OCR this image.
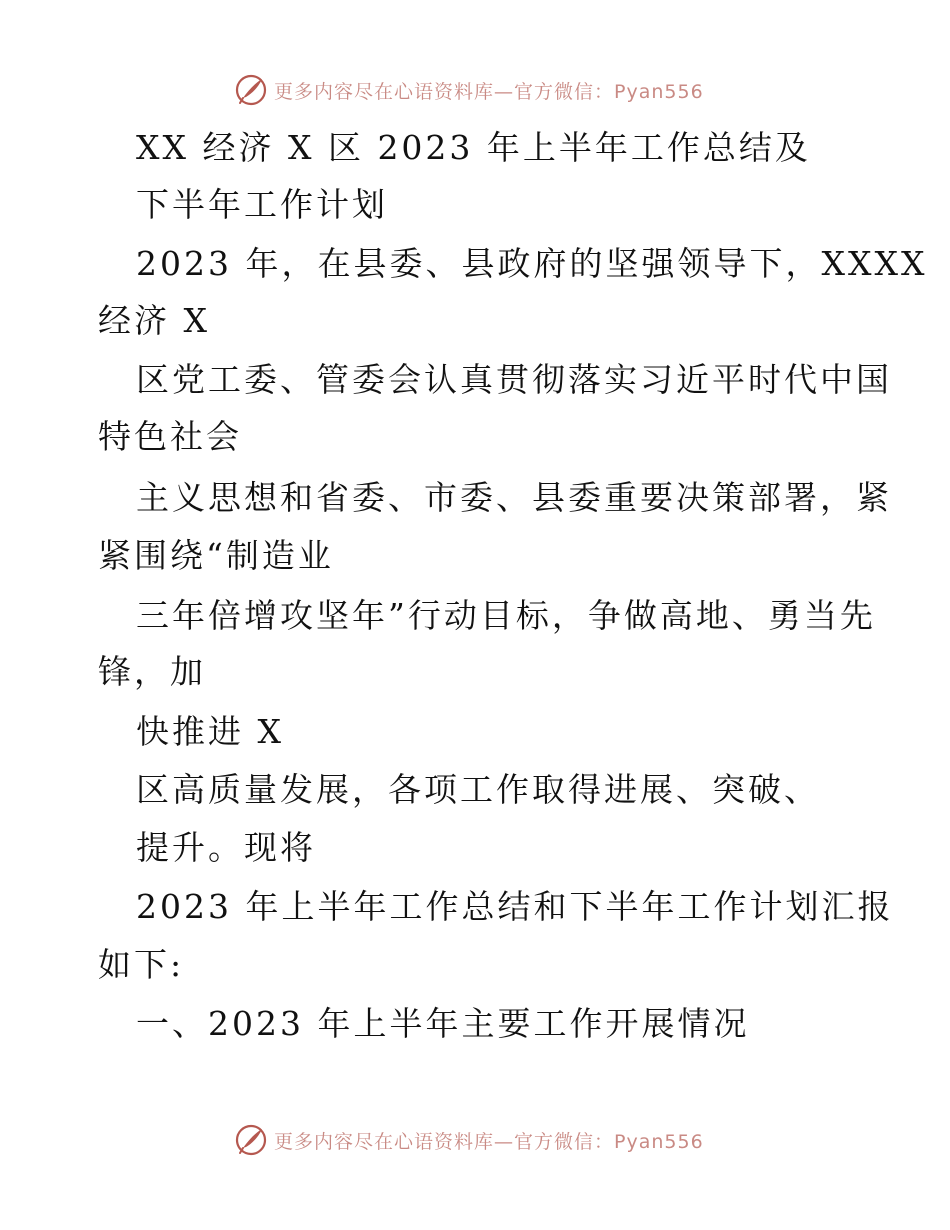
更多内容尽在心语资料库—官方微信：Pyan556
XX 经济 X 区 2023 年上半年工作总结及
下半年工作计划
2023 年，在县委、县政府的坚强领导下，XXXX
经济 X
区党工委、管委会认真贯彻落实习近平时代中国
特色社会
主义思想和省委、市委、县委重要决策部署，紧
紧围绕“制造业
三年倍增攻坚年”行动目标，争做高地、勇当先
锋，加
快推进 X
区高质量发展，各项工作取得进展、突破、
提升。现将
2023 年上半年工作总结和下半年工作计划汇报
如下:
一、2023 年上半年主要工作开展情况
更多内容尽在心语资料库—官方微信：Pyan556
